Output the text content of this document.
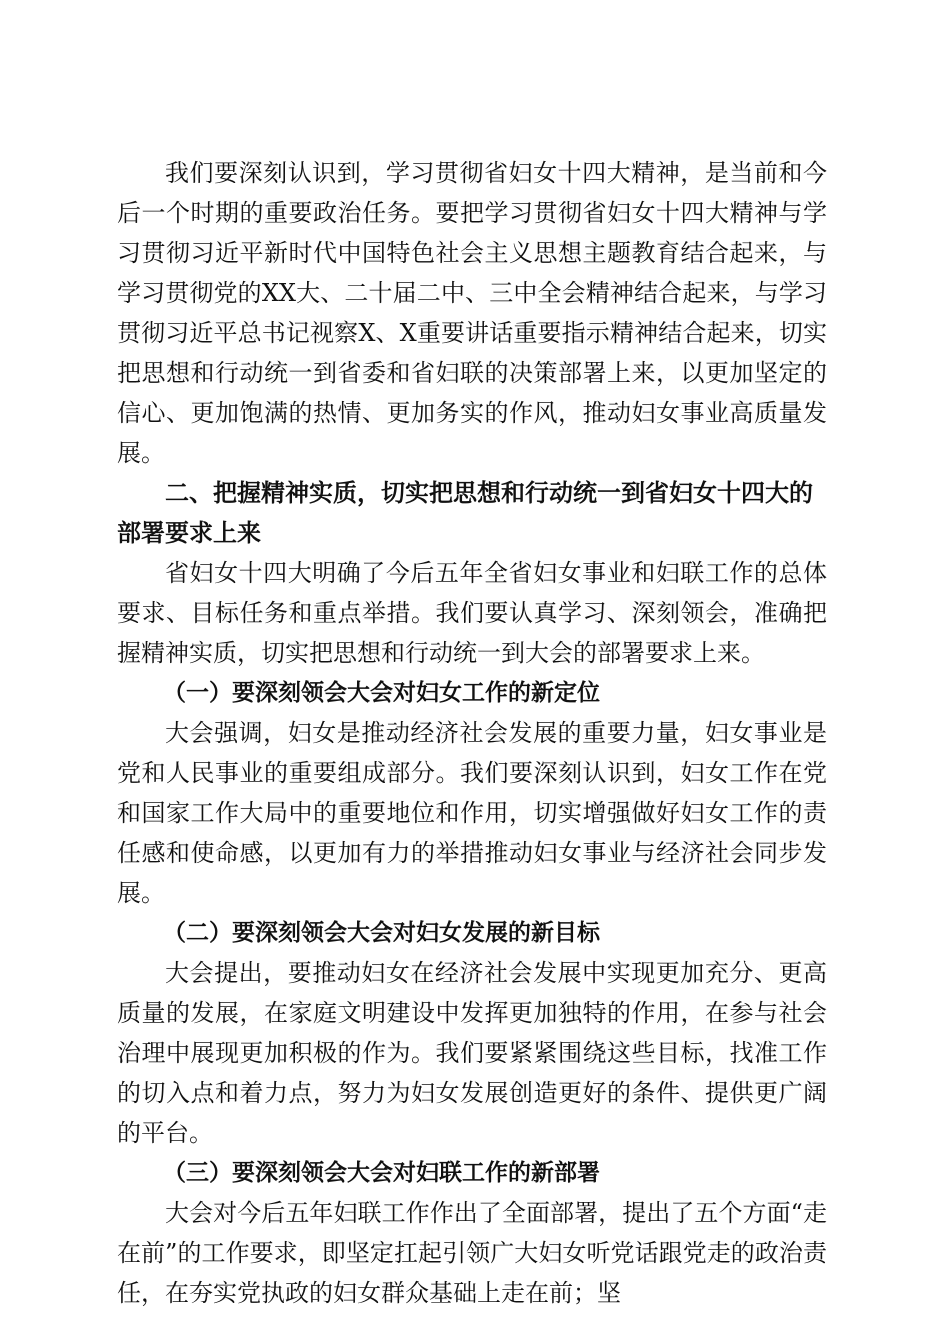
我们要深刻认识到，学习贯彻省妇女十四大精神，是当前和今后一个时期的重要政治任务。要把学习贯彻省妇女十四大精神与学习贯彻习近平新时代中国特色社会主义思想主题教育结合起来，与学习贯彻党的XX大、二十届二中、三中全会精神结合起来，与学习贯彻习近平总书记视察X、X重要讲话重要指示精神结合起来，切实把思想和行动统一到省委和省妇联的决策部署上来，以更加坚定的信心、更加饱满的热情、更加务实的作风，推动妇女事业高质量发展。

二、把握精神实质，切实把思想和行动统一到省妇女十四大的部署要求上来

省妇女十四大明确了今后五年全省妇女事业和妇联工作的总体要求、目标任务和重点举措。我们要认真学习、深刻领会，准确把握精神实质，切实把思想和行动统一到大会的部署要求上来。

（一）要深刻领会大会对妇女工作的新定位

大会强调，妇女是推动经济社会发展的重要力量，妇女事业是党和人民事业的重要组成部分。我们要深刻认识到，妇女工作在党和国家工作大局中的重要地位和作用，切实增强做好妇女工作的责任感和使命感，以更加有力的举措推动妇女事业与经济社会同步发展。

（二）要深刻领会大会对妇女发展的新目标

大会提出，要推动妇女在经济社会发展中实现更加充分、更高质量的发展，在家庭文明建设中发挥更加独特的作用，在参与社会治理中展现更加积极的作为。我们要紧紧围绕这些目标，找准工作的切入点和着力点，努力为妇女发展创造更好的条件、提供更广阔的平台。

（三）要深刻领会大会对妇联工作的新部署

大会对今后五年妇联工作作出了全面部署，提出了五个方面“走在前”的工作要求，即坚定扛起引领广大妇女听党话跟党走的政治责任，在夯实党执政的妇女群众基础上走在前；坚
